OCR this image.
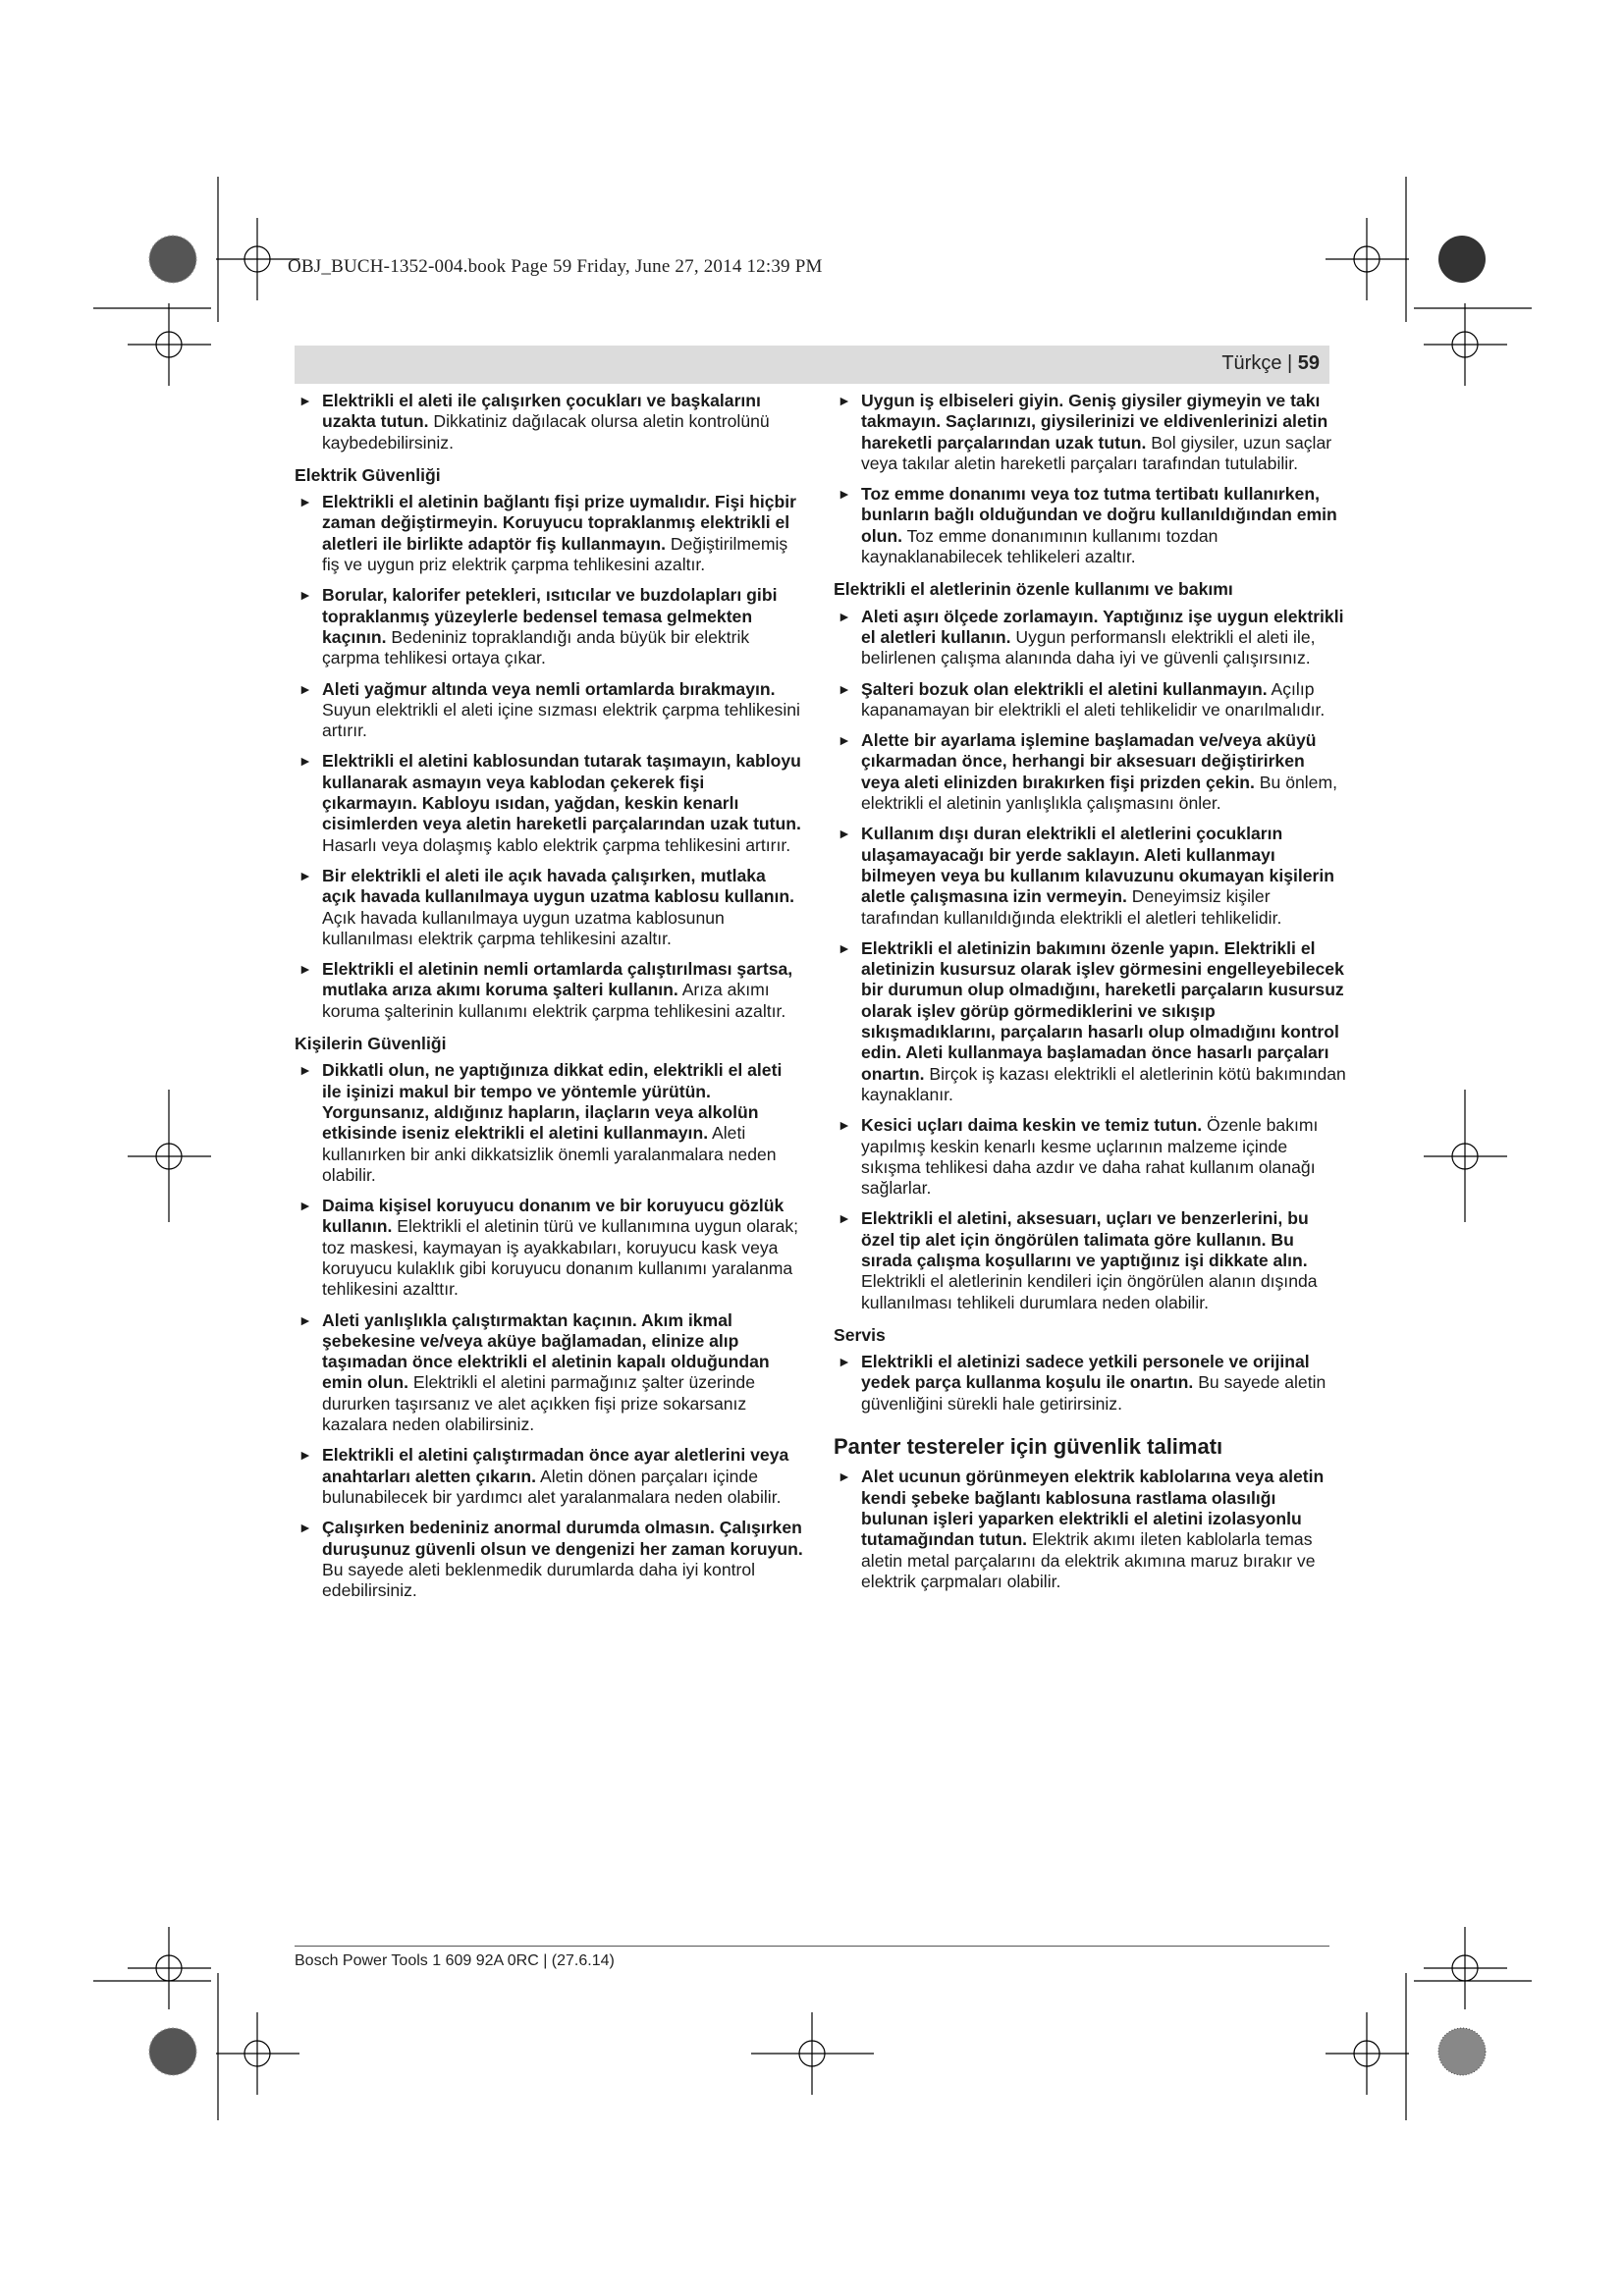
OBJ_BUCH-1352-004.book Page 59 Friday, June 27, 2014 12:39 PM
Türkçe | 59
► Elektrikli el aleti ile çalışırken çocukları ve başkalarını uzakta tutun. Dikkatiniz dağılacak olursa aletin kontrolünü kaybedebilirsiniz.
Elektrik Güvenliği
► Elektrikli el aletinin bağlantı fişi prize uymalıdır. Fişi hiçbir zaman değiştirmeyin. Koruyucu topraklanmış elektrikli el aletleri ile birlikte adaptör fiş kullanmayın. Değiştirilmemiş fiş ve uygun priz elektrik çarpma tehlikesini azaltır.
► Borular, kalorifer petekleri, ısıtıcılar ve buzdolapları gibi topraklanmış yüzeylerle bedensel temasa gelmekten kaçının. Bedeniniz topraklandığı anda büyük bir elektrik çarpma tehlikesi ortaya çıkar.
► Aleti yağmur altında veya nemli ortamlarda bırakmayın. Suyun elektrikli el aleti içine sızması elektrik çarpma tehlikesini artırır.
► Elektrikli el aletini kablosundan tutarak taşımayın, kabloyu kullanarak asmayın veya kablodan çekerek fişi çıkarmayın. Kabloyu ısıdan, yağdan, keskin kenarlı cisimlerden veya aletin hareketli parçalarından uzak tutun. Hasarlı veya dolaşmış kablo elektrik çarpma tehlikesini artırır.
► Bir elektrikli el aleti ile açık havada çalışırken, mutlaka açık havada kullanılmaya uygun uzatma kablosu kullanın. Açık havada kullanılmaya uygun uzatma kablosunun kullanılması elektrik çarpma tehlikesini azaltır.
► Elektrikli el aletinin nemli ortamlarda çalıştırılması şartsa, mutlaka arıza akımı koruma şalteri kullanın. Arıza akımı koruma şalterinin kullanımı elektrik çarpma tehlikesini azaltır.
Kişilerin Güvenliği
► Dikkatli olun, ne yaptığınıza dikkat edin, elektrikli el aleti ile işinizi makul bir tempo ve yöntemle yürütün. Yorgunsanız, aldığınız hapların, ilaçların veya alkolün etkisinde iseniz elektrikli el aletini kullanmayın. Aleti kullanırken bir anki dikkatsizlik önemli yaralanmalara neden olabilir.
► Daima kişisel koruyucu donanım ve bir koruyucu gözlük kullanın. Elektrikli el aletinin türü ve kullanımına uygun olarak; toz maskesi, kaymayan iş ayakkabıları, koruyucu kask veya koruyucu kulaklık gibi koruyucu donanım kullanımı yaralanma tehlikesini azalttır.
► Aleti yanlışlıkla çalıştırmaktan kaçının. Akım ikmal şebekesine ve/veya aküye bağlamadan, elinize alıp taşımadan önce elektrikli el aletinin kapalı olduğundan emin olun. Elektrikli el aletini parmağınız şalter üzerinde dururken taşırsanız ve alet açıkken fişi prize sokarsanız kazalara neden olabilirsiniz.
► Elektrikli el aletini çalıştırmadan önce ayar aletlerini veya anahtarları aletten çıkarın. Aletin dönen parçaları içinde bulunabilecek bir yardımcı alet yaralanmalara neden olabilir.
► Çalışırken bedeniniz anormal durumda olmasın. Çalışırken duruşunuz güvenli olsun ve dengenizi her zaman koruyun. Bu sayede aleti beklenmedik durumlarda daha iyi kontrol edebilirsiniz.
► Uygun iş elbiseleri giyin. Geniş giysiler giymeyin ve takı takmayın. Saçlarınızı, giysilerinizi ve eldivenlerinizi aletin hareketli parçalarından uzak tutun. Bol giysiler, uzun saçlar veya takılar aletin hareketli parçaları tarafından tutulabilir.
► Toz emme donanımı veya toz tutma tertibatı kullanırken, bunların bağlı olduğundan ve doğru kullanıldığından emin olun. Toz emme donanımının kullanımı tozdan kaynaklanabilecek tehlikeleri azaltır.
Elektrikli el aletlerinin özenle kullanımı ve bakımı
► Aleti aşırı ölçede zorlamayın. Yaptığınız işe uygun elektrikli el aletleri kullanın. Uygun performanslı elektrikli el aleti ile, belirlenen çalışma alanında daha iyi ve güvenli çalışırsınız.
► Şalteri bozuk olan elektrikli el aletini kullanmayın. Açılıp kapanamayan bir elektrikli el aleti tehlikelidir ve onarılmalıdır.
► Alette bir ayarlama işlemine başlamadan ve/veya aküyü çıkarmadan önce, herhangi bir aksesuarı değiştirirken veya aleti elinizden bırakırken fişi prizden çekin. Bu önlem, elektrikli el aletinin yanlışlıkla çalışmasını önler.
► Kullanım dışı duran elektrikli el aletlerini çocukların ulaşamayacağı bir yerde saklayın. Aleti kullanmayı bilmeyen veya bu kullanım kılavuzunu okumayan kişilerin aletle çalışmasına izin vermeyin. Deneyimsiz kişiler tarafından kullanıldığında elektrikli el aletleri tehlikelidir.
► Elektrikli el aletinizin bakımını özenle yapın. Elektrikli el aletinizin kusursuz olarak işlev görmesini engelleyebilecek bir durumun olup olmadığını, hareketli parçaların kusursuz olarak işlev görüp görmediklerini ve sıkışıp sıkışmadıklarını, parçaların hasarlı olup olmadığını kontrol edin. Aleti kullanmaya başlamadan önce hasarlı parçaları onartın. Birçok iş kazası elektrikli el aletlerinin kötü bakımından kaynaklanır.
► Kesici uçları daima keskin ve temiz tutun. Özenle bakımı yapılmış keskin kenarlı kesme uçlarının malzeme içinde sıkışma tehlikesi daha azdır ve daha rahat kullanım olanağı sağlarlar.
► Elektrikli el aletini, aksesuarı, uçları ve benzerlerini, bu özel tip alet için öngörülen talimata göre kullanın. Bu sırada çalışma koşullarını ve yaptığınız işi dikkate alın. Elektrikli el aletlerinin kendileri için öngörülen alanın dışında kullanılması tehlikeli durumlara neden olabilir.
Servis
► Elektrikli el aletinizi sadece yetkili personele ve orijinal yedek parça kullanma koşulu ile onartın. Bu sayede aletin güvenliğini sürekli hale getirirsiniz.
Panter testereler için güvenlik talimatı
► Alet ucunun görünmeyen elektrik kablolarına veya aletin kendi şebeke bağlantı kablosuna rastlama olasılığı bulunan işleri yaparken elektrikli el aletini izolasyonlu tutamağından tutun. Elektrik akımı ileten kablolarla temas aletin metal parçalarını da elektrik akımına maruz bırakır ve elektrik çarpmaları olabilir.
Bosch Power Tools 1 609 92A 0RC | (27.6.14)
